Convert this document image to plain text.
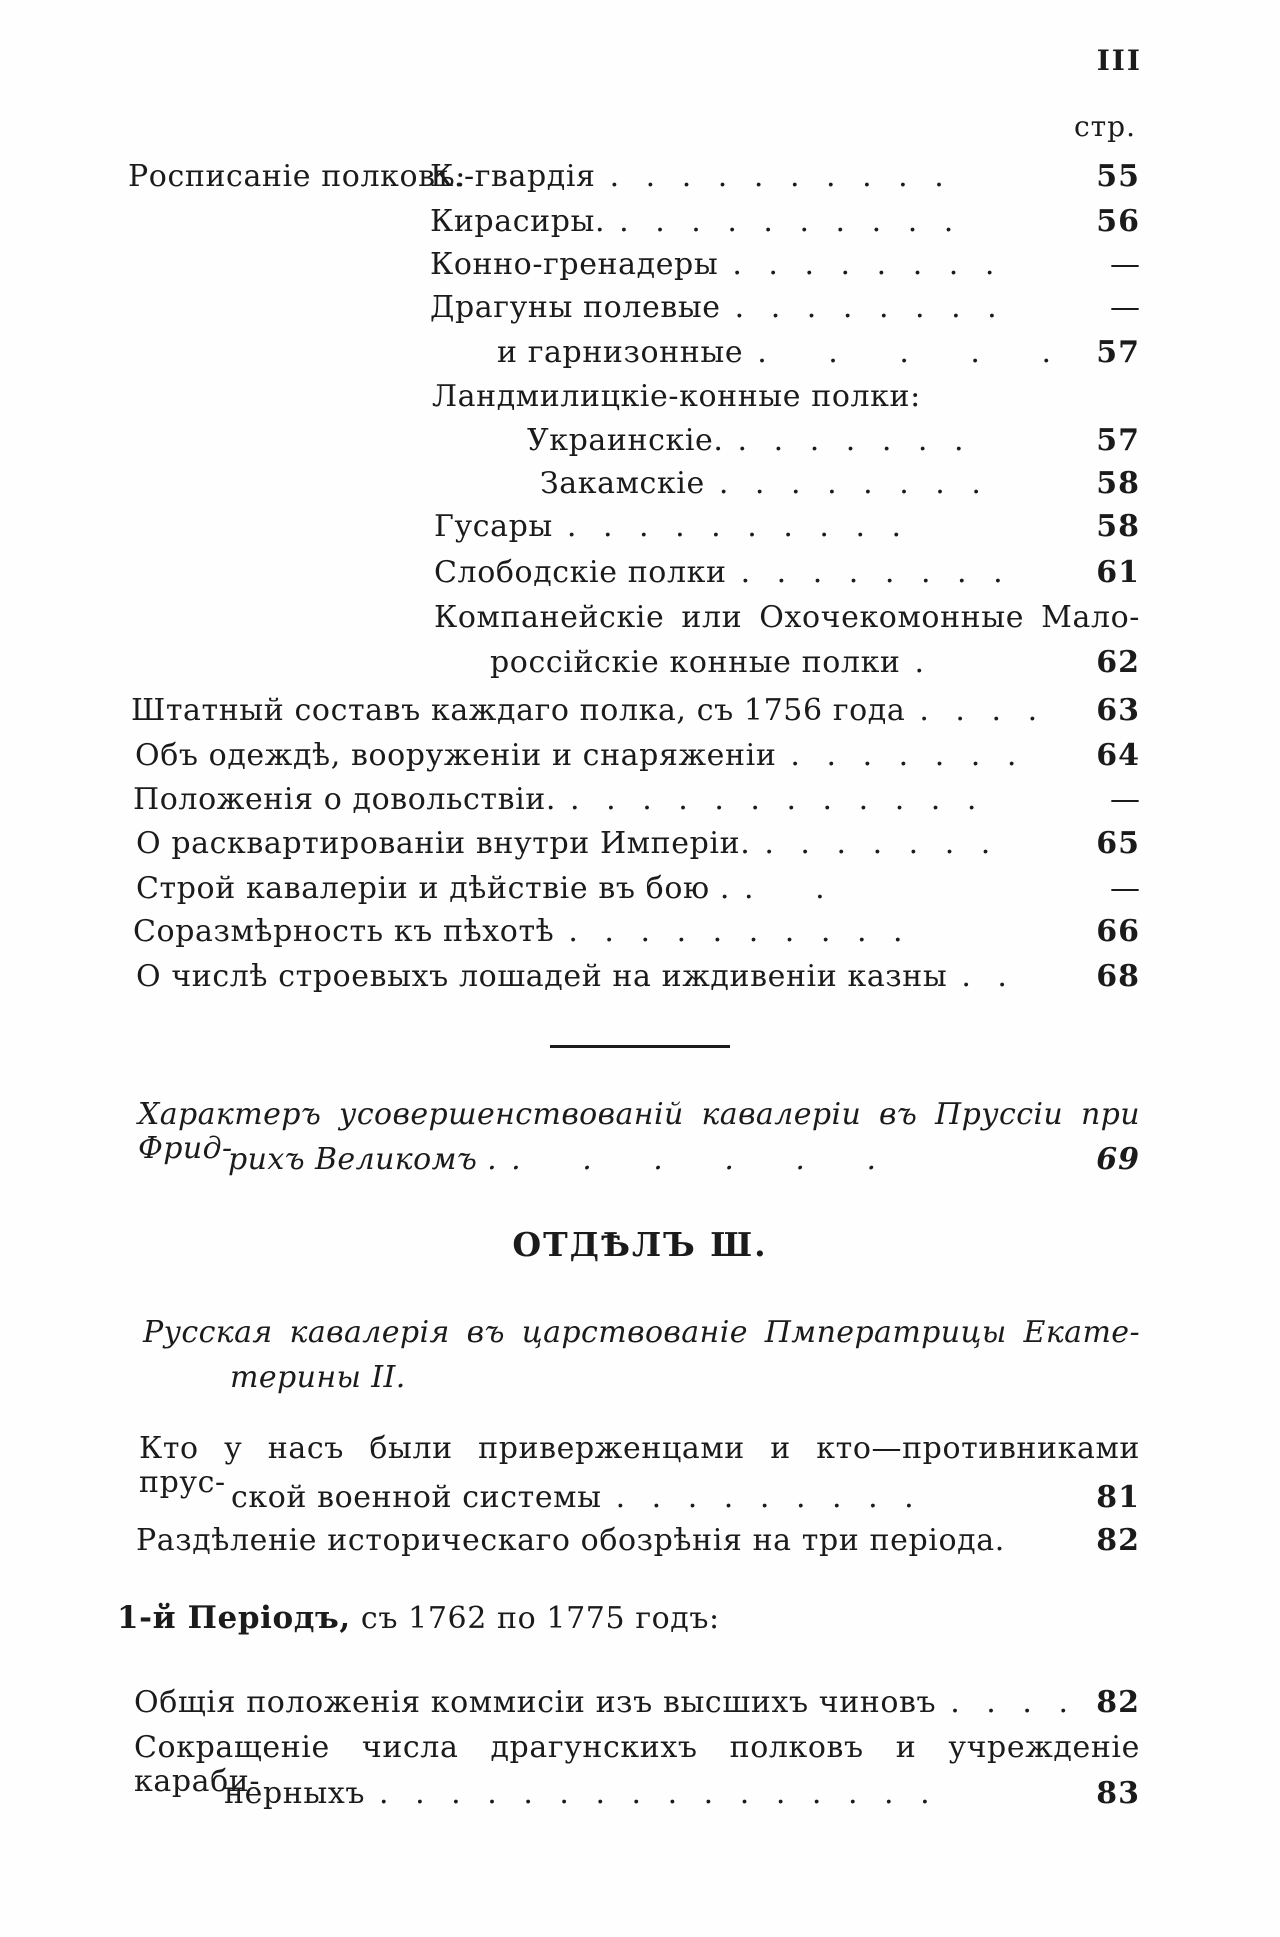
III
стр.
Росписаніе полковъ:
К.-гвардія . . . . . . . . . .	55
Кирасиры. . . . . . . . . . .	56
Конно-гренадеры . . . . . . . .	—
Драгуны полевые . . . . . . . .	—
и гарнизонные . . . . .	57
Ландмилицкіе-конные полки:
Украинскіе. . . . . . . .	57
Закамскіе . . . . . . . .	58
Гусары . . . . . . . . . .	58
Слободскіе полки . . . . . . . .	61
Компанейскіе или Охочекомонные Мало-
россійскіе конные полки .	62
Штатный составъ каждаго полка, съ 1756 года . . . .	63
Объ одеждѣ, вооруженіи и снаряженіи . . . . . . .	64
Положенія о довольствіи. . . . . . . . . . . . .	—
О расквартированіи внутри Имперіи. . . . . . . .	65
Строй кавалеріи и дѣйствіе въ бою . . .	—
Соразмѣрность къ пѣхотѣ . . . . . . . . . .	66
О числѣ строевыхъ лошадей на иждивеніи казны . .	68
Характеръ усовершенствованій кавалеріи въ Пруссіи при Фрид-
рихъ Великомъ . . . . . . .	69
Русская кавалерія въ царствованіе Пмператрицы Екате-
терины II.
Кто у насъ были приверженцами и кто—противниками прус- ской военной системы . . . . . . . . .	81
Раздѣленіе историческаго обозрѣнія на три періода.	82
Общія положенія коммисіи изъ высшихъ чиновъ . . . . 82
Сокращеніе числа драгунскихъ полковъ и учрежденіе караби-
нерныхъ . . . . . . . . . . . . . . . .	83
ОТДѢЛЪ Ш.
1-й Періодъ, съ 1762 по 1775 годъ:
